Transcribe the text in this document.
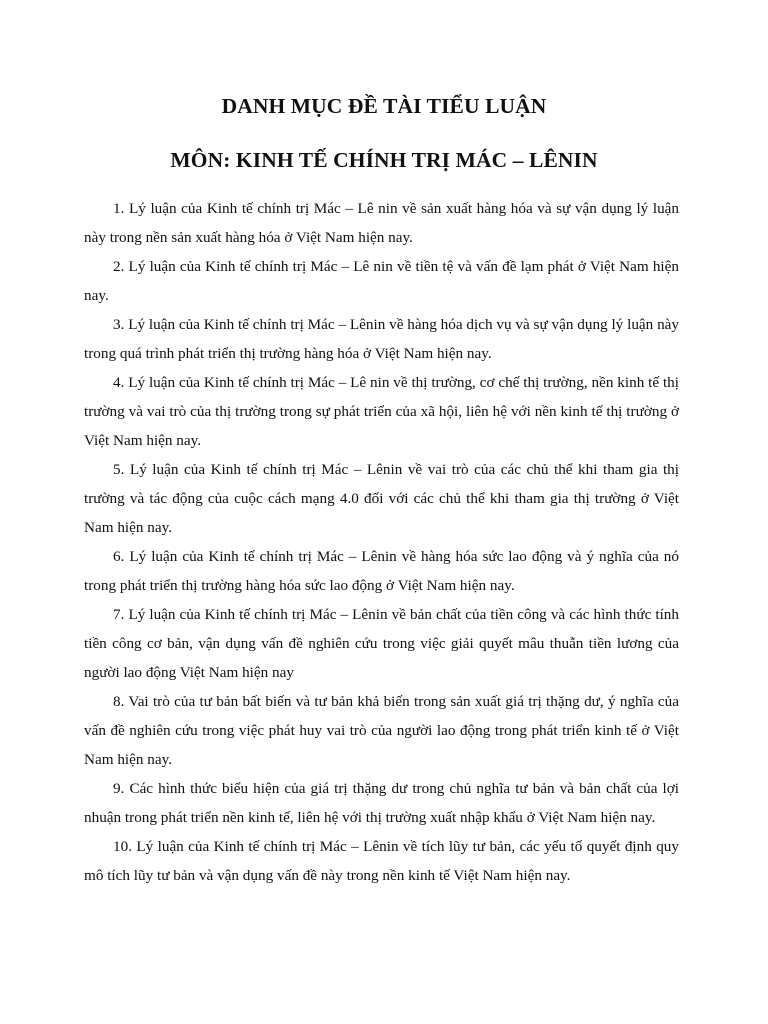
DANH MỤC ĐỀ TÀI TIỂU LUẬN
MÔN: KINH TẾ CHÍNH TRỊ MÁC – LÊNIN
1. Lý luận của Kinh tế chính trị Mác – Lê nin về sản xuất hàng hóa và sự vận dụng lý luận này trong nền sản xuất hàng hóa ở Việt Nam hiện nay.
2. Lý luận của Kinh tế chính trị Mác – Lê nin về tiền tệ và vấn đề lạm phát ở Việt Nam hiện nay.
3. Lý luận của Kinh tế chính trị Mác – Lênin về hàng hóa dịch vụ và sự vận dụng lý luận này trong quá trình phát triển thị trường hàng hóa ở Việt Nam hiện nay.
4. Lý luận của Kinh tế chính trị Mác – Lê nin về thị trường, cơ chế thị trường, nền kinh tế thị trường và vai trò của thị trường trong sự phát triển của xã hội, liên hệ với nền kinh tế thị trường ở Việt Nam hiện nay.
5. Lý luận của Kinh tế chính trị Mác – Lênin về vai trò của các chủ thể khi tham gia thị trường và tác động của cuộc cách mạng 4.0 đối với các chủ thể khi tham gia thị trường ở Việt Nam hiện nay.
6. Lý luận của Kinh tế chính trị Mác – Lênin về hàng hóa sức lao động và ý nghĩa của nó trong phát triển thị trường hàng hóa sức lao động ở Việt Nam hiện nay.
7. Lý luận của Kinh tế chính trị Mác – Lênin về bản chất của tiền công và các hình thức tính tiền công cơ bản, vận dụng vấn đề nghiên cứu trong việc giải quyết mâu thuẫn tiền lương của người lao động Việt Nam hiện nay
8. Vai trò của tư bản bất biến và tư bản khả biến trong sản xuất giá trị thặng dư, ý nghĩa của vấn đề nghiên cứu trong việc phát huy vai trò của người lao động trong phát triển kinh tế ở Việt Nam hiện nay.
9. Các hình thức biểu hiện của giá trị thặng dư trong chủ nghĩa tư bản và bản chất của lợi nhuận trong phát triển nền kinh tế, liên hệ với thị trường xuất nhập khẩu ở Việt Nam hiện nay.
10. Lý luận của Kinh tế chính trị Mác – Lênin về tích lũy tư bản, các yếu tố quyết định quy mô tích lũy tư bản và vận dụng vấn đề này trong nền kinh tế Việt Nam hiện nay.
